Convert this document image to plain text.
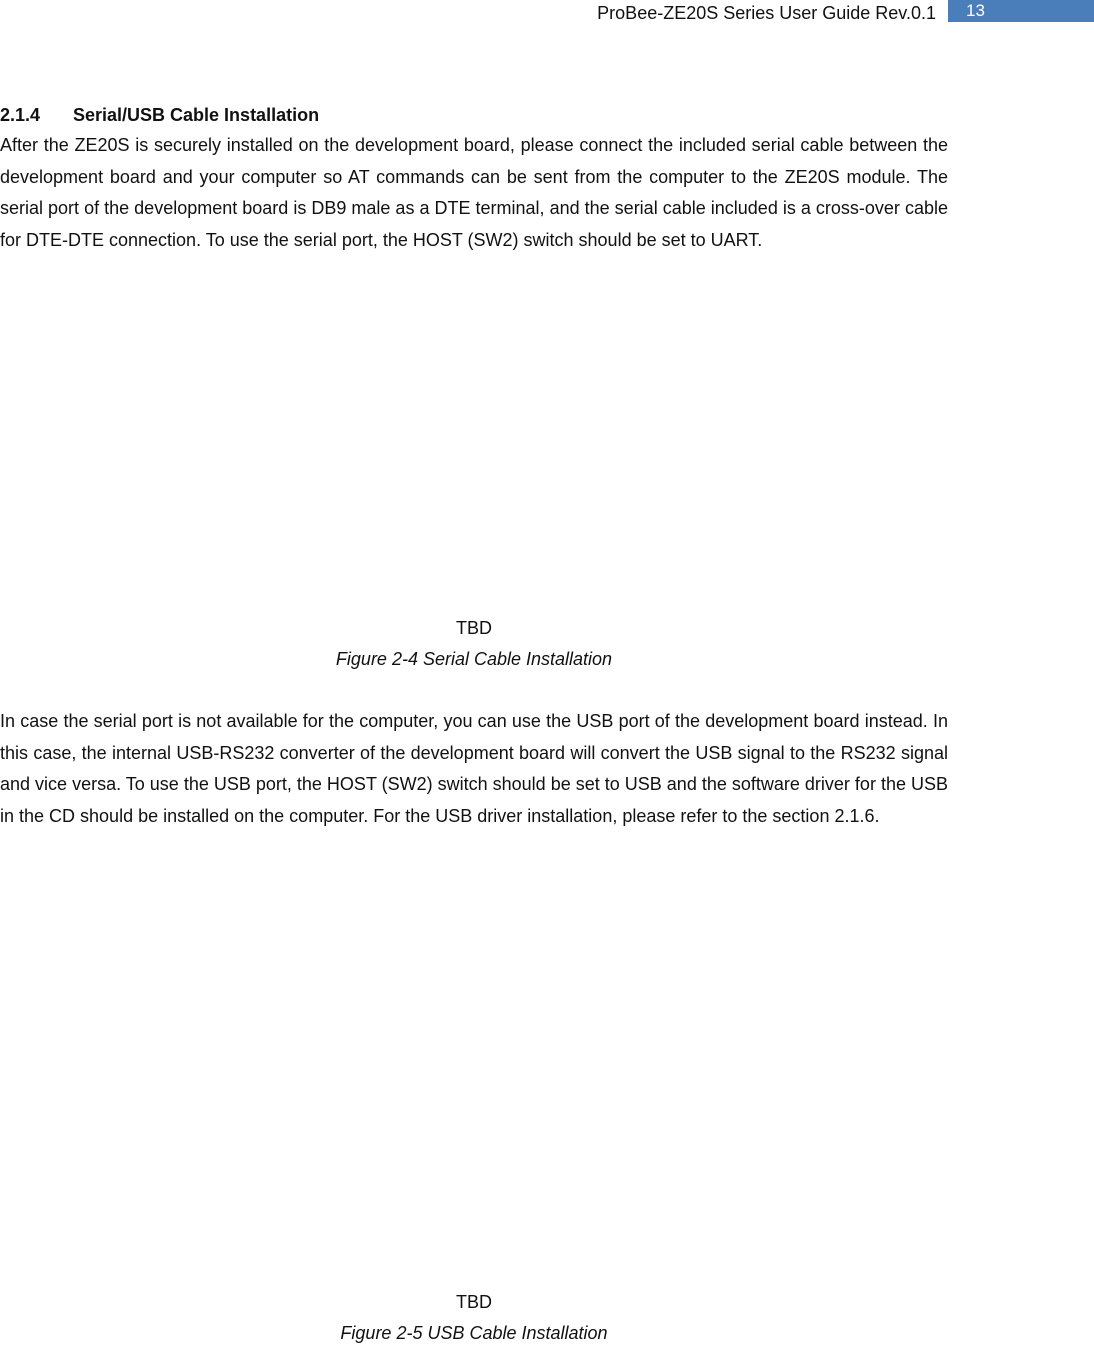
ProBee-ZE20S Series User Guide Rev.0.1 13
2.1.4 Serial/USB Cable Installation

After the ZE20S is securely installed on the development board, please connect the included serial cable between the development board and your computer so AT commands can be sent from the computer to the ZE20S module. The serial port of the development board is DB9 male as a DTE terminal, and the serial cable included is a cross-over cable for DTE-DTE connection. To use the serial port, the HOST (SW2) switch should be set to UART.

TBD
Figure 2-4 Serial Cable Installation

In case the serial port is not available for the computer, you can use the USB port of the development board instead. In this case, the internal USB-RS232 converter of the development board will convert the USB signal to the RS232 signal and vice versa. To use the USB port, the HOST (SW2) switch should be set to USB and the software driver for the USB in the CD should be installed on the computer. For the USB driver installation, please refer to the section 2.1.6.

TBD
Figure 2-5 USB Cable Installation
